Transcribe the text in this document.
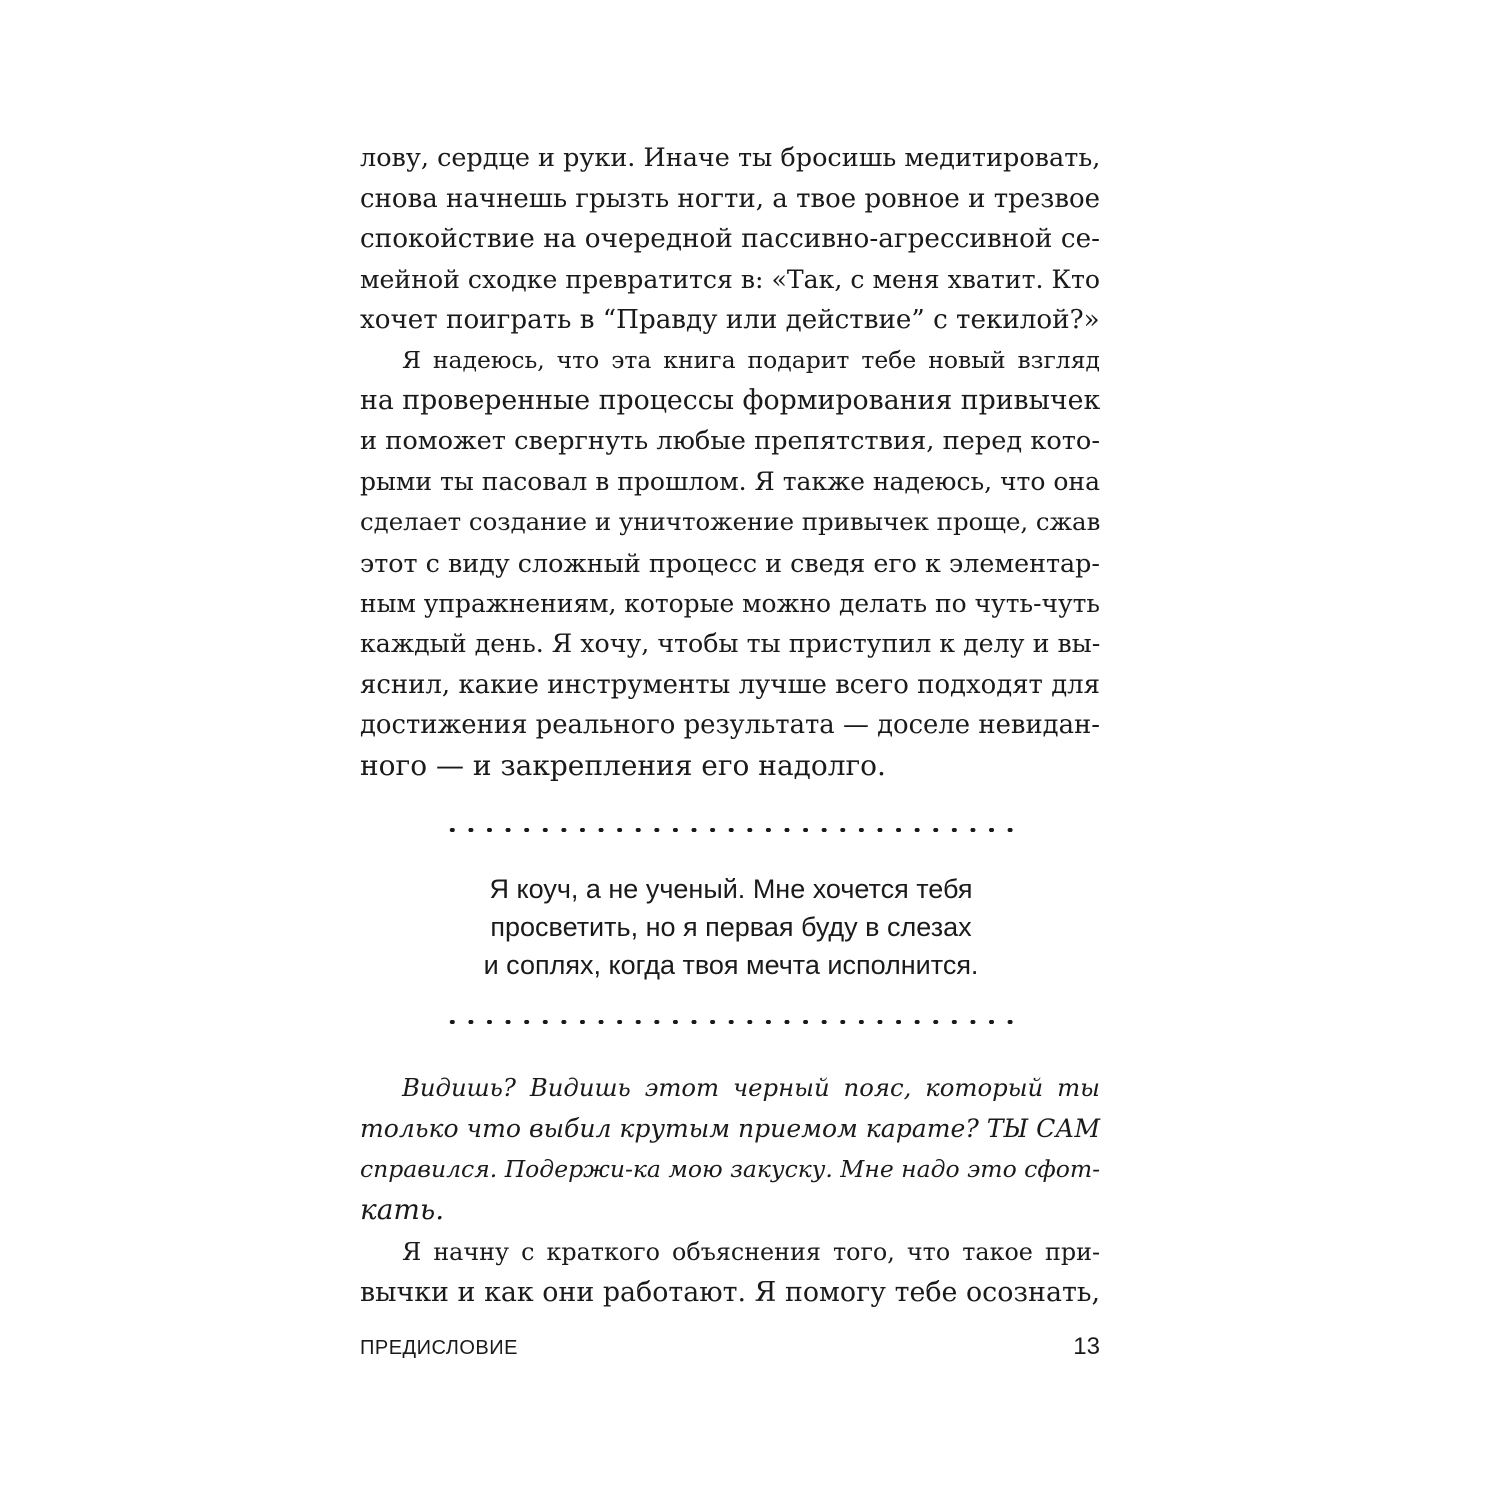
лову, сердце и руки. Иначе ты бросишь медитировать,
снова начнешь грызть ногти, а твое ровное и трезвое
спокойствие на очередной пассивно-агрессивной се-
мейной сходке превратится в: «Так, с меня хватит. Кто
хочет поиграть в “Правду или действие” с текилой?»
Я надеюсь, что эта книга подарит тебе новый взгляд
на проверенные процессы формирования привычек
и поможет свергнуть любые препятствия, перед кото-
рыми ты пасовал в прошлом. Я также надеюсь, что она
сделает создание и уничтожение привычек проще, сжав
этот с виду сложный процесс и сведя его к элементар-
ным упражнениям, которые можно делать по чуть-чуть
каждый день. Я хочу, чтобы ты приступил к делу и вы-
яснил, какие инструменты лучше всего подходят для
достижения реального результата — доселе невидан-
ного — и закрепления его надолго.
Я коуч, а не ученый. Мне хочется тебя
просветить, но я первая буду в слезах
и соплях, когда твоя мечта исполнится.
Видишь? Видишь этот черный пояс, который ты
только что выбил крутым приемом карате? ТЫ САМ
справился. Подержи-ка мою закуску. Мне надо это сфот-
кать.
Я начну с краткого объяснения того, что такое при-
вычки и как они работают. Я помогу тебе осознать,
ПРЕДИСЛОВИЕ	13
